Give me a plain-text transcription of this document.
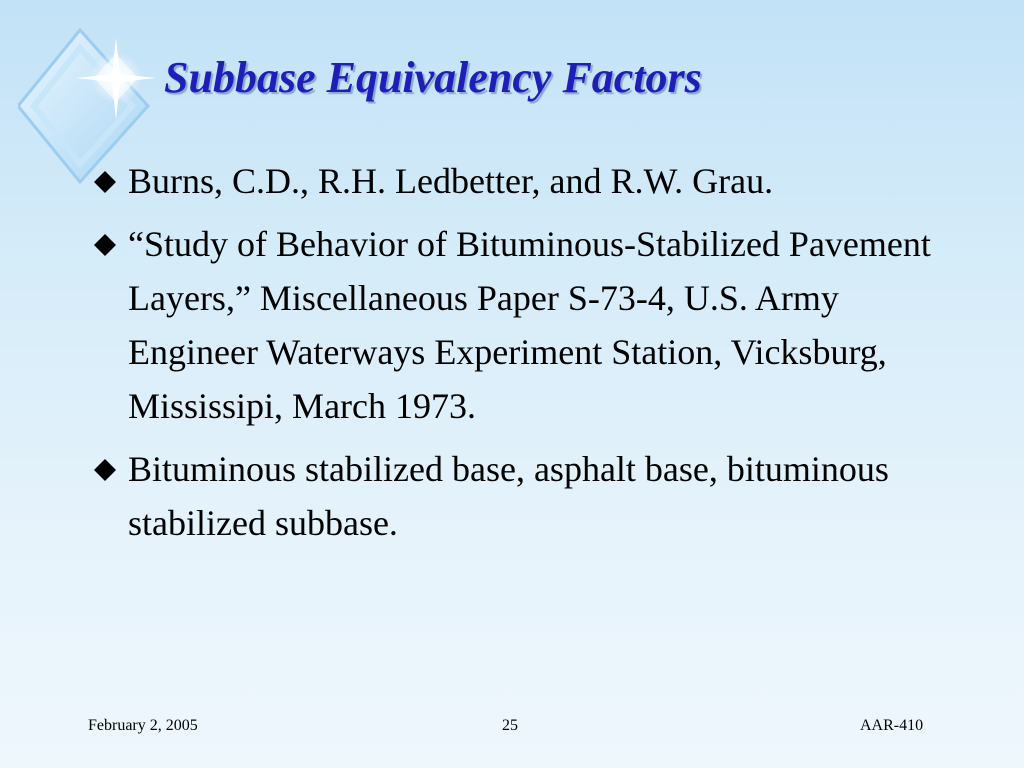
Subbase Equivalency Factors
Burns, C.D., R.H. Ledbetter, and R.W. Grau.
“Study of Behavior of Bituminous-Stabilized Pavement Layers,” Miscellaneous Paper S-73-4, U.S. Army Engineer Waterways Experiment Station, Vicksburg, Mississipi, March 1973.
Bituminous stabilized base, asphalt base, bituminous stabilized subbase.
February 2, 2005	25	AAR-410
